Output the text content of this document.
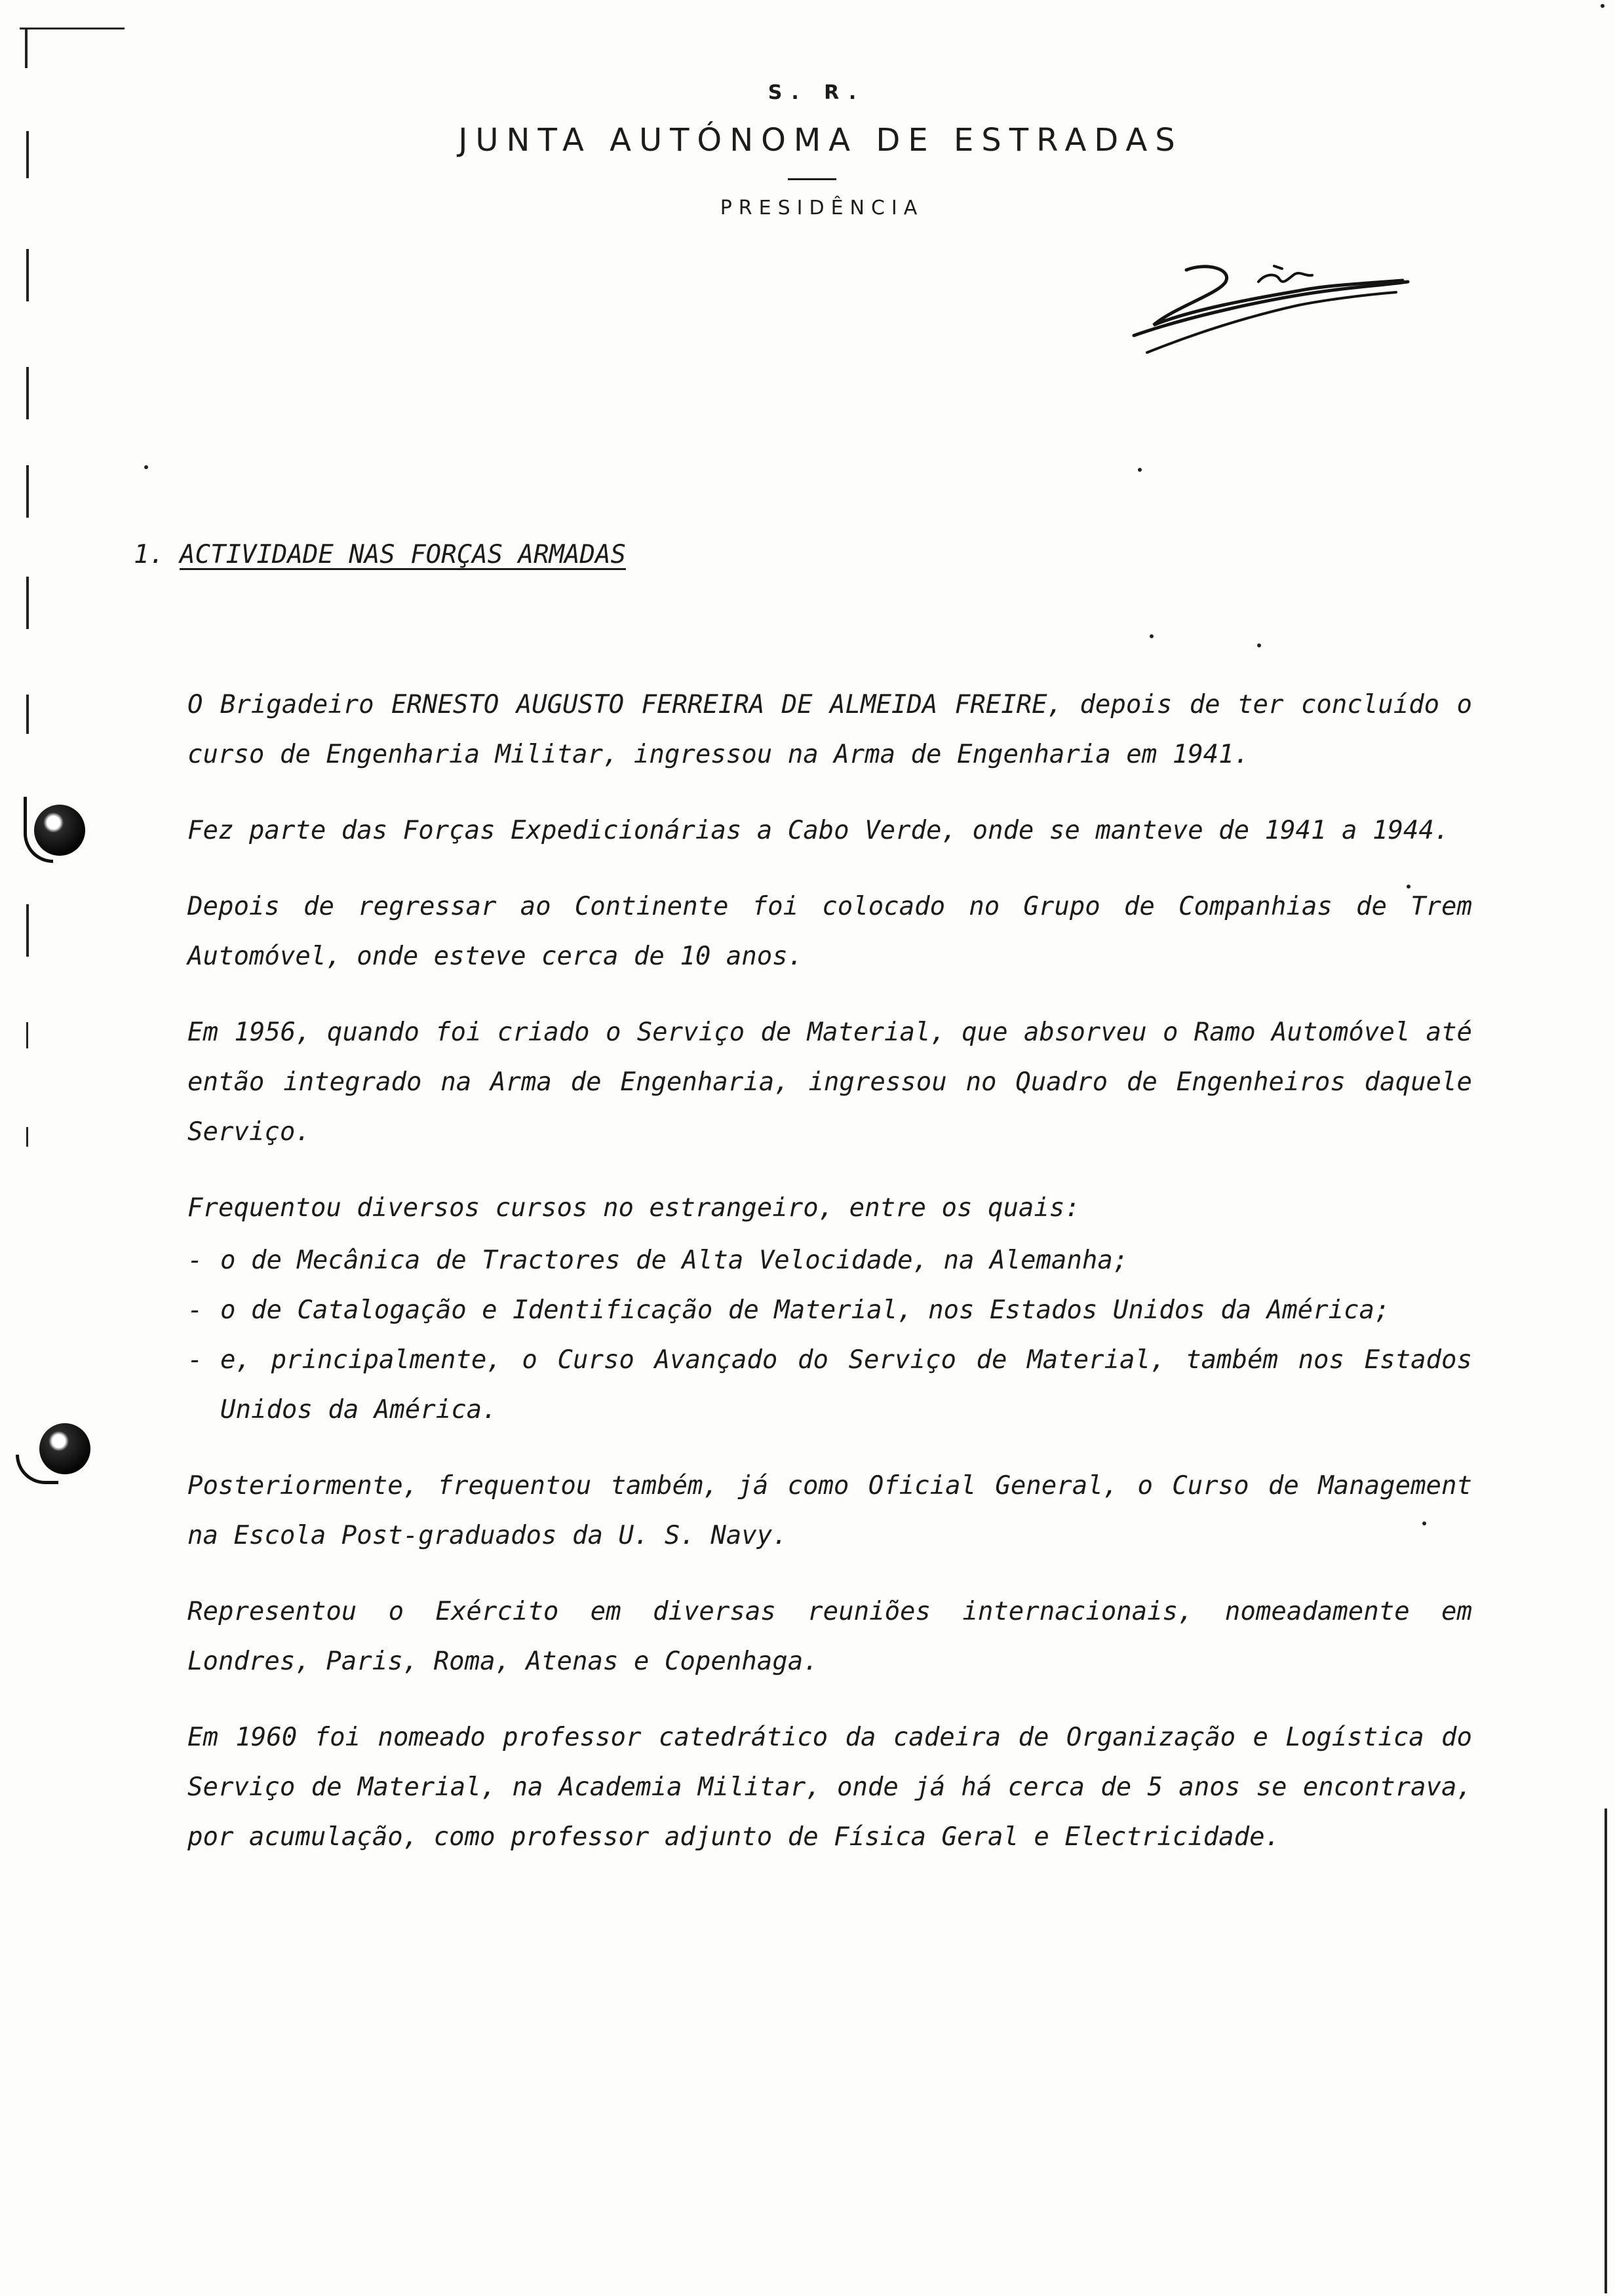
S. R.
JUNTA AUTÓNOMA DE ESTRADAS
PRESIDÊNCIA
1. ACTIVIDADE NAS FORÇAS ARMADAS

O Brigadeiro ERNESTO AUGUSTO FERREIRA DE ALMEIDA FREIRE, depois de ter concluído o curso de Engenharia Militar, ingressou na Arma de Engenharia em 1941.

Fez parte das Forças Expedicionárias a Cabo Verde, onde se manteve de 1941 a 1944.

Depois de regressar ao Continente foi colocado no Grupo de Companhias de Trem Automóvel, onde esteve cerca de 10 anos.

Em 1956, quando foi criado o Serviço de Material, que absorveu o Ramo Automóvel até então integrado na Arma de Engenharia, ingressou no Quadro de Engenheiros daquele Serviço.

Frequentou diversos cursos no estrangeiro, entre os quais:

- o de Mecânica de Tractores de Alta Velocidade, na Alemanha;
- o de Catalogação e Identificação de Material, nos Estados Unidos da América;
- e, principalmente, o Curso Avançado do Serviço de Material, também nos Estados Unidos da América.

Posteriormente, frequentou também, já como Oficial General, o Curso de Management na Escola Post-graduados da U. S. Navy.

Representou o Exército em diversas reuniões internacionais, nomeadamente em Londres, Paris, Roma, Atenas e Copenhaga.

Em 1960 foi nomeado professor catedrático da cadeira de Organização e Logística do Serviço de Material, na Academia Militar, onde já há cerca de 5 anos se encontrava, por acumulação, como professor adjunto de Física Geral e Electricidade.
